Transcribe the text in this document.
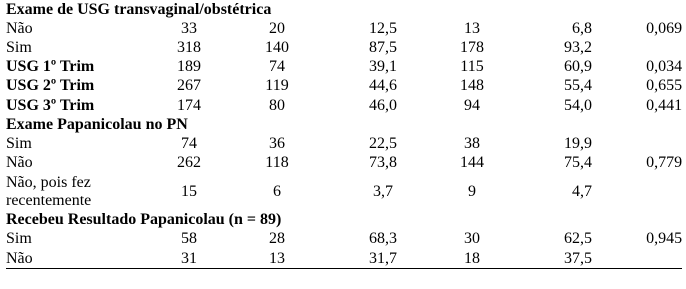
Exame de USG transvaginal/obstétrica						
Não	33	20	12,5	13	6,8	0,069
Sim	318	140	87,5	178	93,2	
USG 1º Trim	189	74	39,1	115	60,9	0,034
USG 2º Trim	267	119	44,6	148	55,4	0,655
USG 3º Trim	174	80	46,0	94	54,0	0,441
Exame Papanicolau no PN						
Sim	74	36	22,5	38	19,9	
Não	262	118	73,8	144	75,4	0,779

Não, pois fez
recentemente	15	6	3,7	9	4,7	
Recebeu Resultado Papanicolau (n = 89)						
Sim	58	28	68,3	30	62,5	0,945
Não	31	13	31,7	18	37,5	
